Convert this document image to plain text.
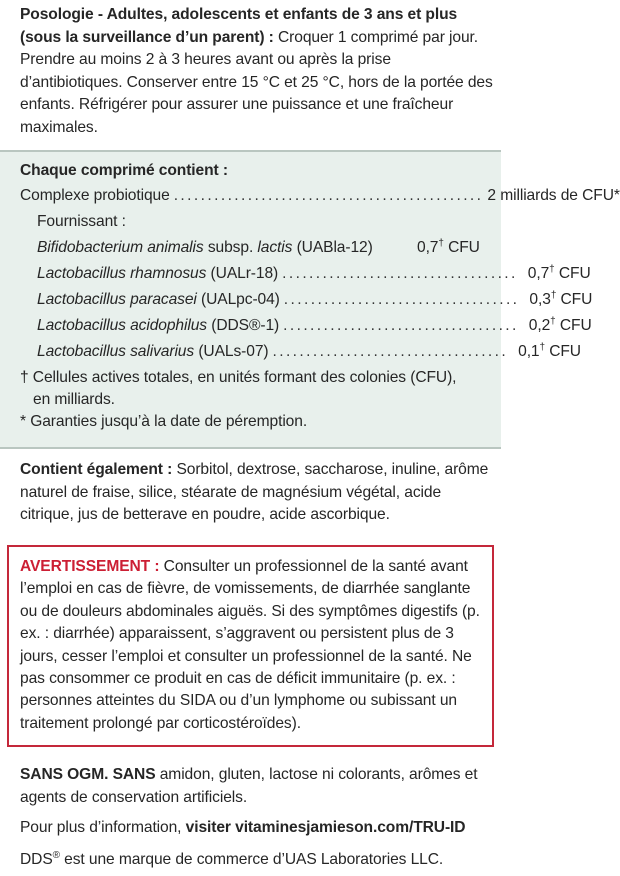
Posologie - Adultes, adolescents et enfants de 3 ans et plus (sous la surveillance d’un parent) : Croquer 1 comprimé par jour. Prendre au moins 2 à 3 heures avant ou après la prise d’antibiotiques. Conserver entre 15 °C et 25 °C, hors de la portée des enfants. Réfrigérer pour assurer une puissance et une fraîcheur maximales.
Chaque comprimé contient :
Complexe probiotique .............................................. 2 milliards de CFU*
Fournissant :
Bifidobacterium animalis subsp. lactis (UABla-12)	0,7† CFU
Lactobacillus rhamnosus (UALr-18) ................................... 0,7† CFU
Lactobacillus paracasei (UALpc-04) ................................... 0,3† CFU
Lactobacillus acidophilus (DDS®-1) ................................... 0,2† CFU
Lactobacillus salivarius (UALs-07) ................................... 0,1† CFU
† Cellules actives totales, en unités formant des colonies (CFU),
en milliards.
* Garanties jusqu’à la date de péremption.
Contient également : Sorbitol, dextrose, saccharose, inuline, arôme naturel de fraise, silice, stéarate de magnésium végétal, acide citrique, jus de betterave en poudre, acide ascorbique.
AVERTISSEMENT : Consulter un professionnel de la santé avant l’emploi en cas de fièvre, de vomissements, de diarrhée sanglante ou de douleurs abdominales aiguës. Si des symptômes digestifs (p. ex. : diarrhée) apparaissent, s’aggravent ou persistent plus de 3 jours, cesser l’emploi et consulter un professionnel de la santé. Ne pas consommer ce produit en cas de déficit immunitaire (p. ex. : personnes atteintes du SIDA ou d’un lymphome ou subissant un traitement prolongé par corticostéroïdes).
SANS OGM. SANS amidon, gluten, lactose ni colorants, arômes et agents de conservation artificiels.
Pour plus d’information, visiter vitaminesjamieson.com/TRU-ID
DDS® est une marque de commerce d’UAS Laboratories LLC.
